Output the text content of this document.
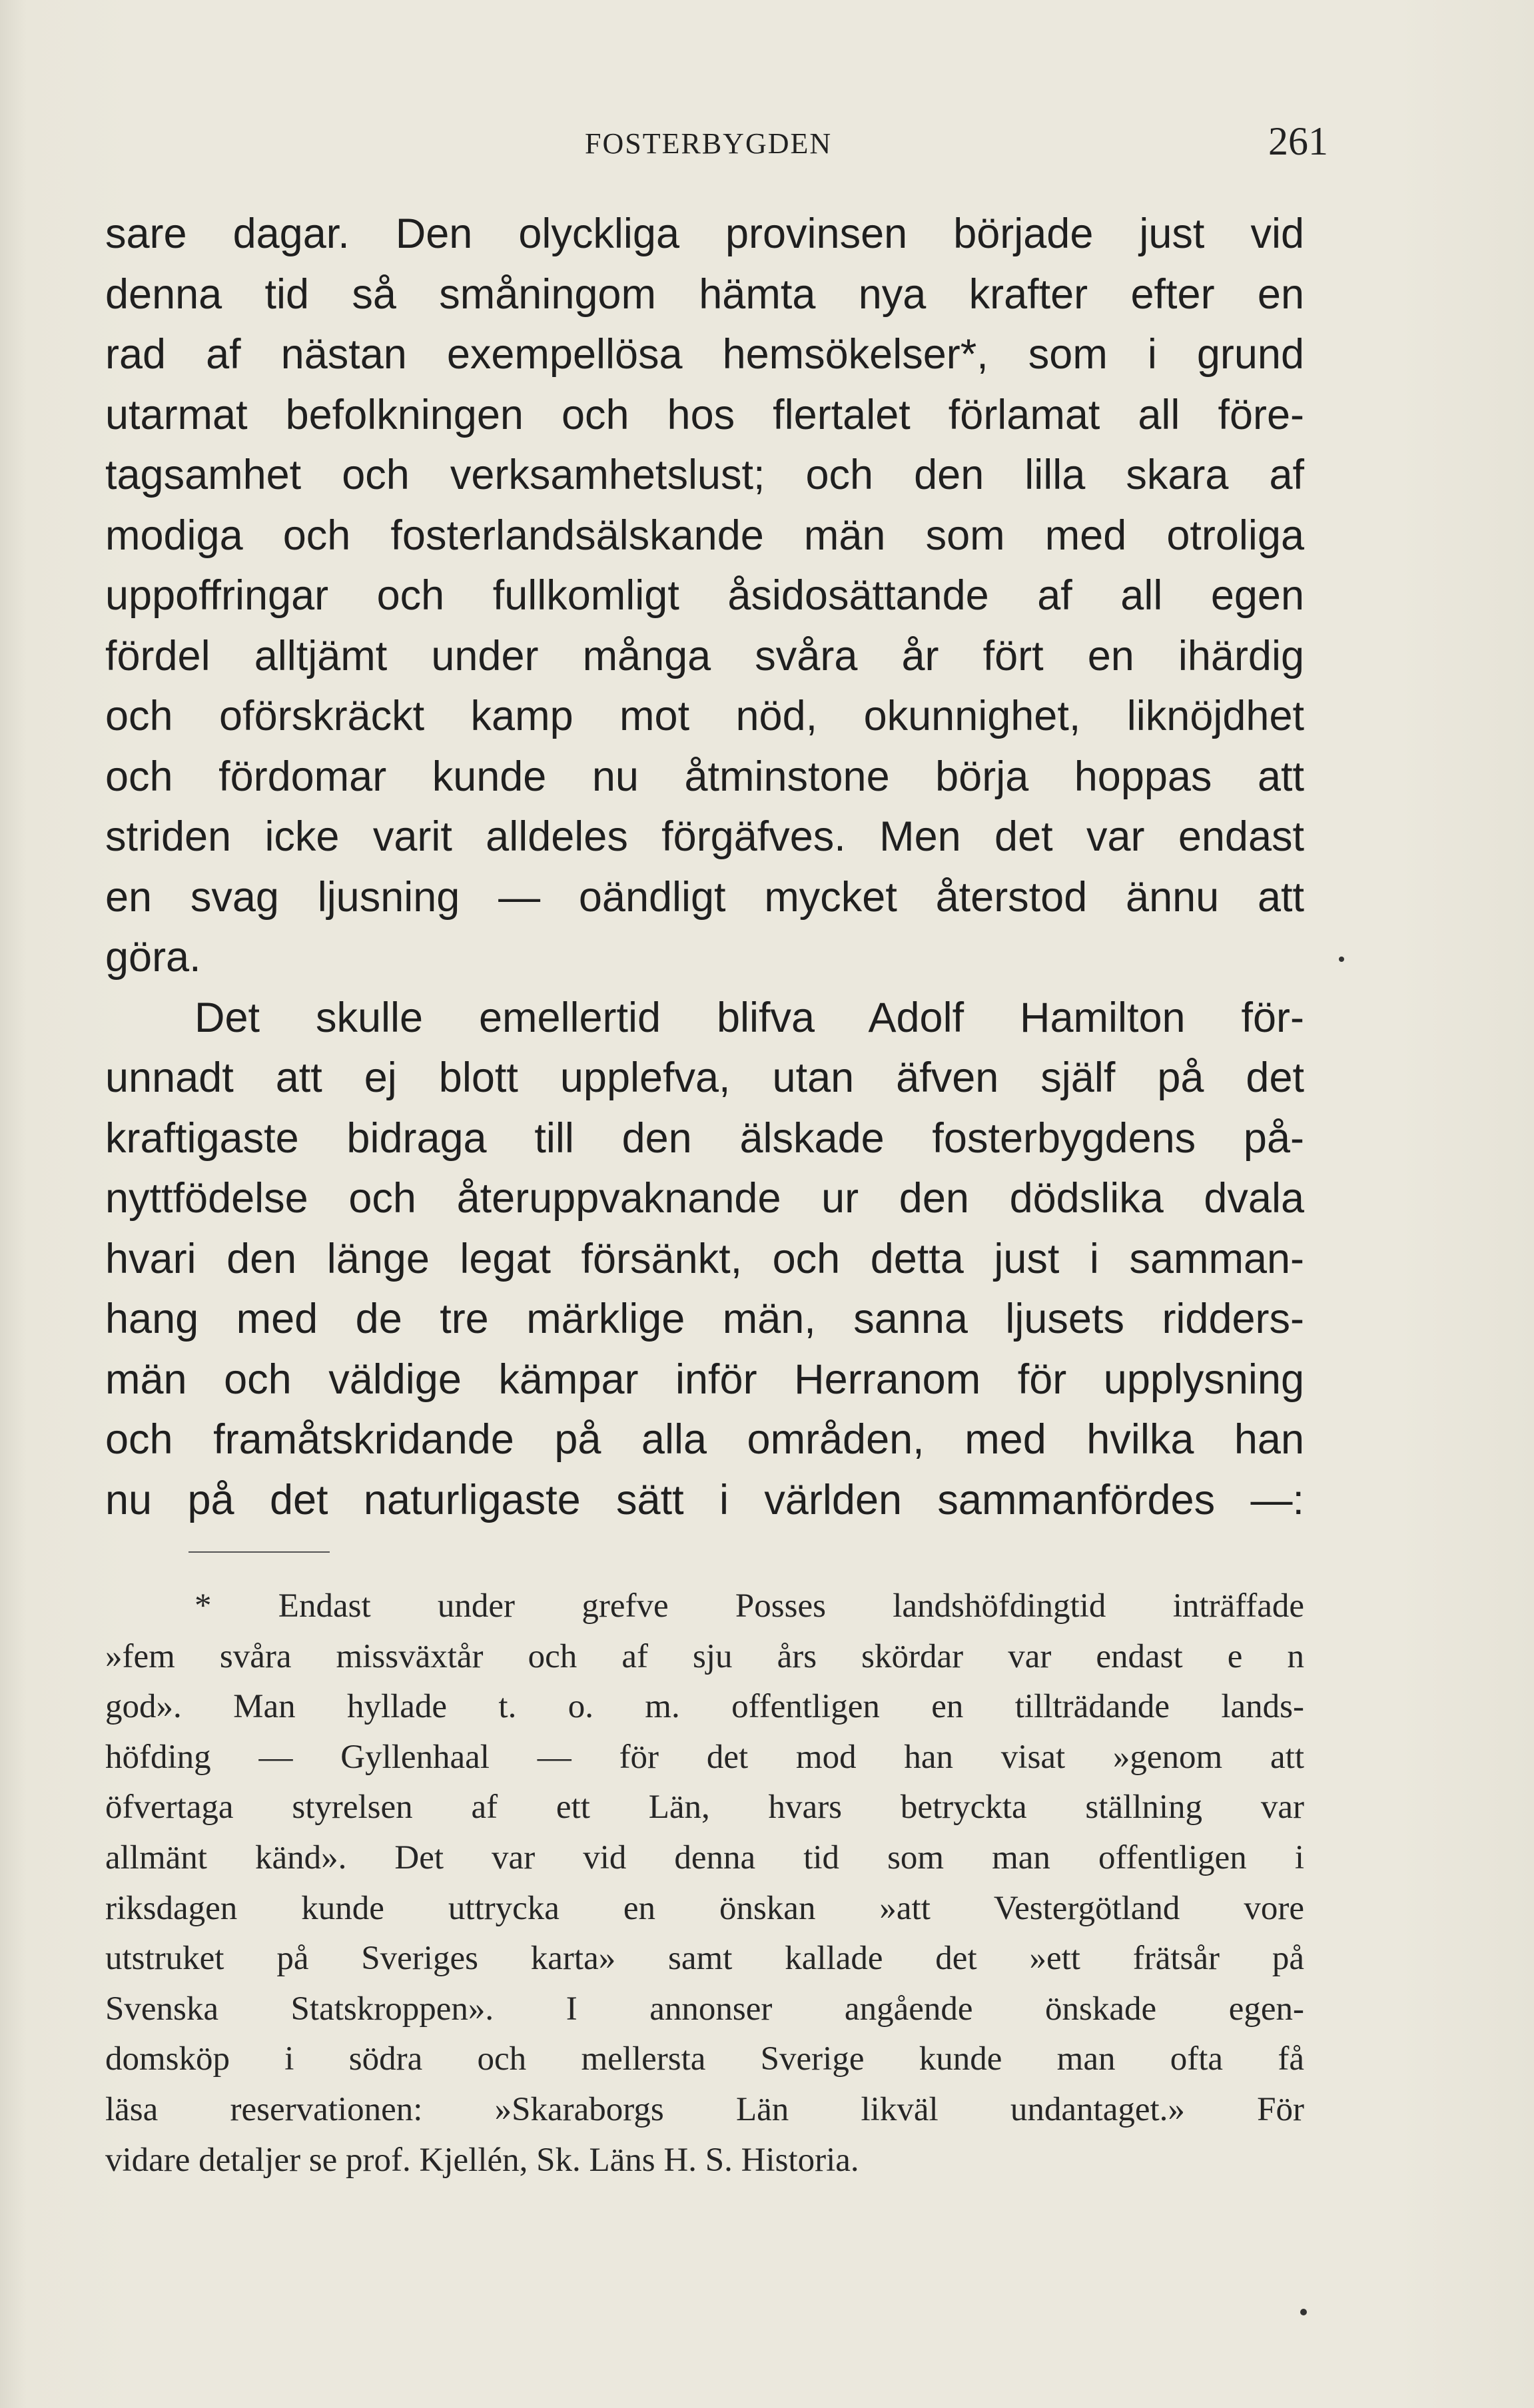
FOSTERBYGDEN	261
sare dagar. Den olyckliga provinsen började just vid
denna tid så småningom hämta nya krafter efter en
rad af nästan exempellösa hemsökelser*, som i grund
utarmat befolkningen och hos flertalet förlamat all före-
tagsamhet och verksamhetslust; och den lilla skara af
modiga och fosterlandsälskande män som med otroliga
uppoffringar och fullkomligt åsidosättande af all egen
fördel alltjämt under många svåra år fört en ihärdig
och oförskräckt kamp mot nöd, okunnighet, liknöjdhet
och fördomar kunde nu åtminstone börja hoppas att
striden icke varit alldeles förgäfves. Men det var endast
en svag ljusning — oändligt mycket återstod ännu att
göra.
Det skulle emellertid blifva Adolf Hamilton för-
unnadt att ej blott upplefva, utan äfven själf på det
kraftigaste bidraga till den älskade fosterbygdens på-
nyttfödelse och återuppvaknande ur den dödslika dvala
hvari den länge legat försänkt, och detta just i samman-
hang med de tre märklige män, sanna ljusets ridders-
män och väldige kämpar inför Herranom för upplysning
och framåtskridande på alla områden, med hvilka han
nu på det naturligaste sätt i världen sammanfördes —:
* Endast under grefve Posses landshöfdingtid inträffade
»fem svåra missväxtår och af sju års skördar var endast e n
god». Man hyllade t. o. m. offentligen en tillträdande lands-
höfding — Gyllenhaal — för det mod han visat »genom att
öfvertaga styrelsen af ett Län, hvars betryckta ställning var
allmänt känd». Det var vid denna tid som man offentligen i
riksdagen kunde uttrycka en önskan »att Vestergötland vore
utstruket på Sveriges karta» samt kallade det »ett frätsår på
Svenska Statskroppen». I annonser angående önskade egen-
domsköp i södra och mellersta Sverige kunde man ofta få
läsa reservationen: »Skaraborgs Län likväl undantaget.» För
vidare detaljer se prof. Kjellén, Sk. Läns H. S. Historia.
